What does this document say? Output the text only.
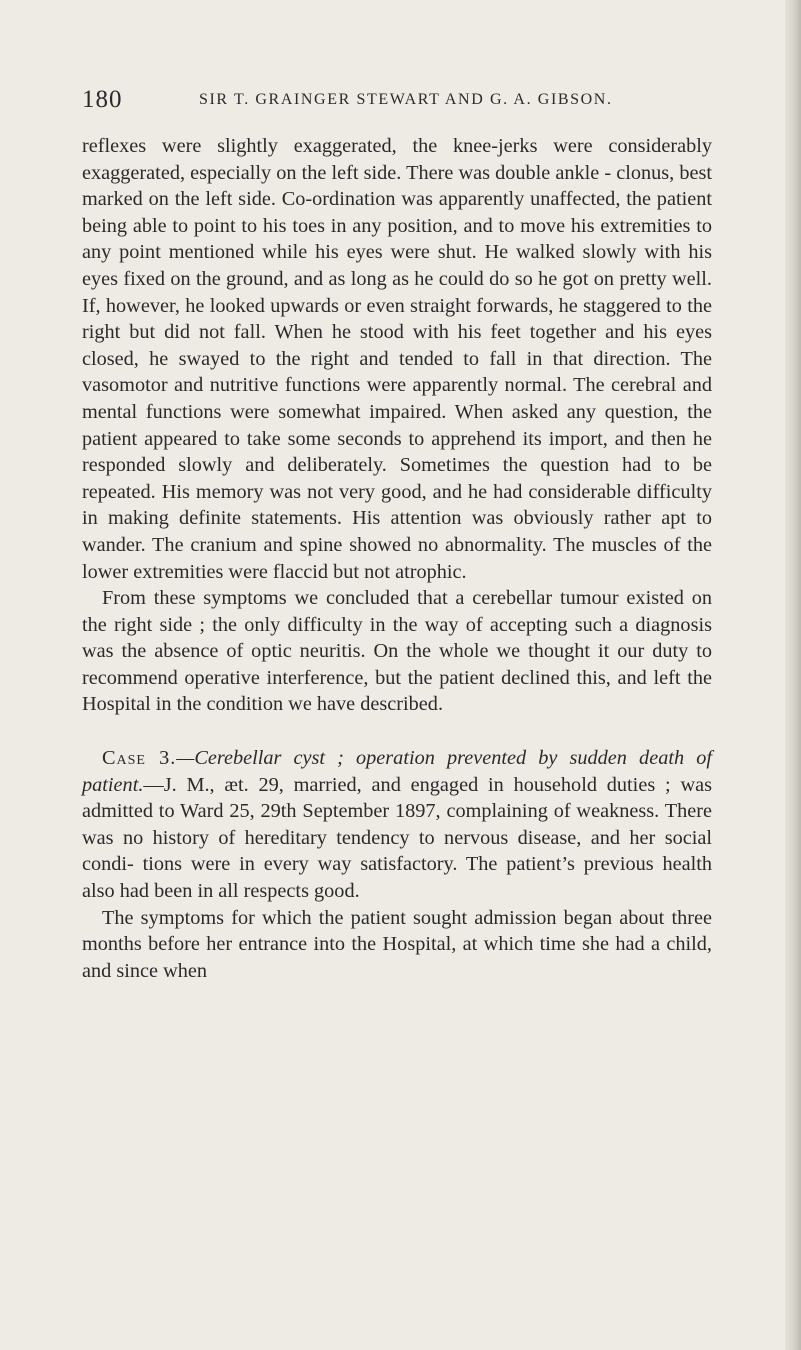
180	SIR T. GRAINGER STEWART AND G. A. GIBSON.

reflexes were slightly exaggerated, the knee-jerks were considerably exaggerated, especially on the left side. There was double ankle - clonus, best marked on the left side. Co-ordination was apparently unaffected, the patient being able to point to his toes in any position, and to move his extremities to any point mentioned while his eyes were shut. He walked slowly with his eyes fixed on the ground, and as long as he could do so he got on pretty well. If, however, he looked upwards or even straight forwards, he staggered to the right but did not fall. When he stood with his feet together and his eyes closed, he swayed to the right and tended to fall in that direction. The vasomotor and nutritive functions were apparently normal. The cerebral and mental functions were somewhat impaired. When asked any question, the patient appeared to take some seconds to apprehend its import, and then he responded slowly and deliberately. Sometimes the question had to be repeated. His memory was not very good, and he had considerable difficulty in making definite statements. His attention was obviously rather apt to wander. The cranium and spine showed no abnormality. The muscles of the lower extremities were flaccid but not atrophic.

From these symptoms we concluded that a cerebellar tumour existed on the right side ; the only difficulty in the way of accepting such a diagnosis was the absence of optic neuritis. On the whole we thought it our duty to recommend operative interference, but the patient declined this, and left the Hospital in the condition we have described.

Case 3.—Cerebellar cyst ; operation prevented by sudden death of patient.—J. M., æt. 29, married, and engaged in household duties ; was admitted to Ward 25, 29th September 1897, complaining of weakness. There was no history of hereditary tendency to nervous disease, and her social condi- tions were in every way satisfactory. The patient’s previous health also had been in all respects good.

The symptoms for which the patient sought admission began about three months before her entrance into the Hospital, at which time she had a child, and since when
